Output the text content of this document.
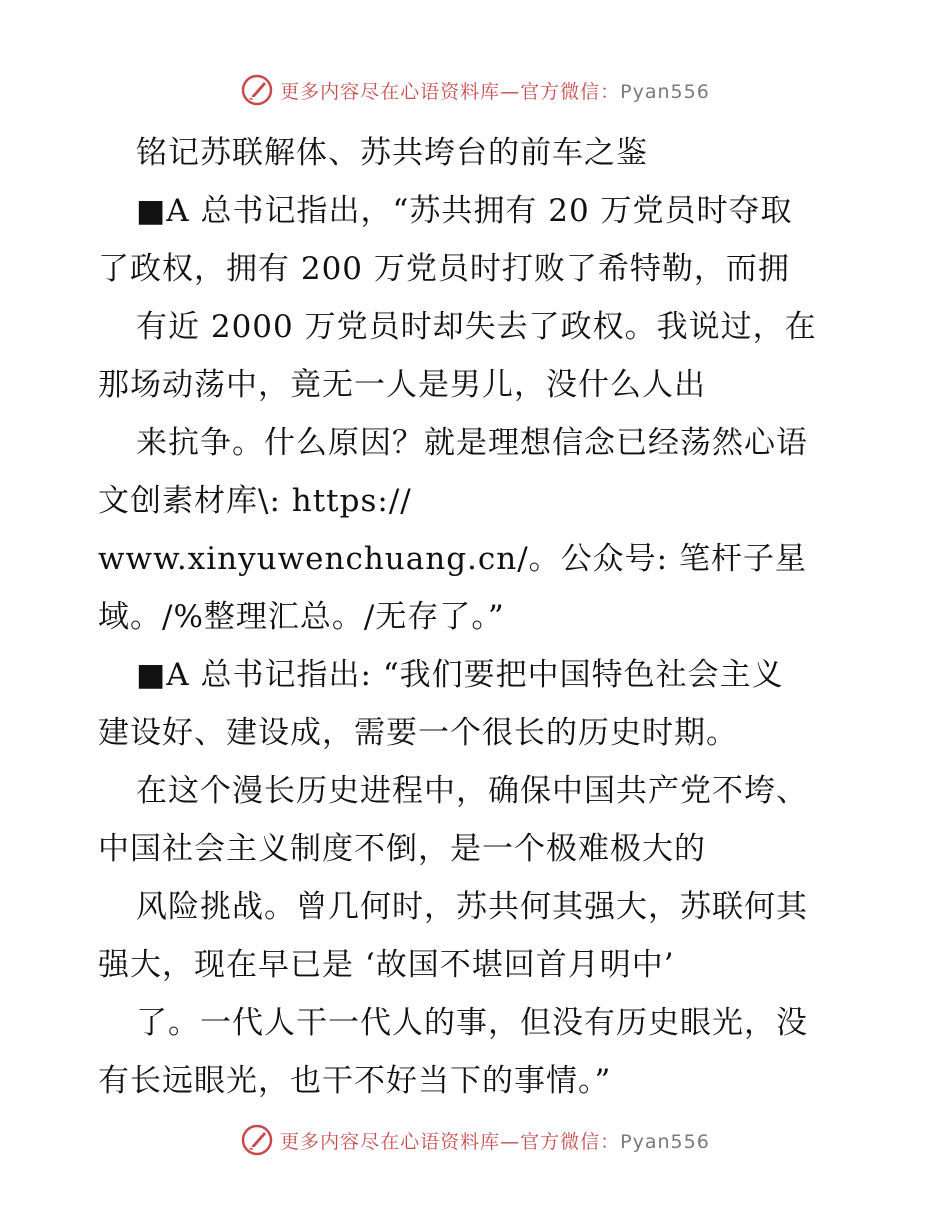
更多内容尽在心语资料库—官方微信：Pyan556
铭记苏联解体、苏共垮台的前车之鉴
■A 总书记指出，“苏共拥有 20 万党员时夺取
了政权，拥有 200 万党员时打败了希特勒，而拥
有近 2000 万党员时却失去了政权。我说过，在
那场动荡中，竟无一人是男儿，没什么人出
来抗争。什么原因？就是理想信念已经荡然心语
文创素材库\: https://
www.xinyuwenchuang.cn/。公众号: 笔杆子星
域。/%整理汇总。/无存了。”
■A 总书记指出: “我们要把中国特色社会主义
建设好、建设成，需要一个很长的历史时期。
在这个漫长历史进程中，确保中国共产党不垮、
中国社会主义制度不倒，是一个极难极大的
风险挑战。曾几何时，苏共何其强大，苏联何其
强大，现在早已是 ‘故国不堪回首月明中’
了。一代人干一代人的事，但没有历史眼光，没
有长远眼光，也干不好当下的事情。”
更多内容尽在心语资料库—官方微信：Pyan556
